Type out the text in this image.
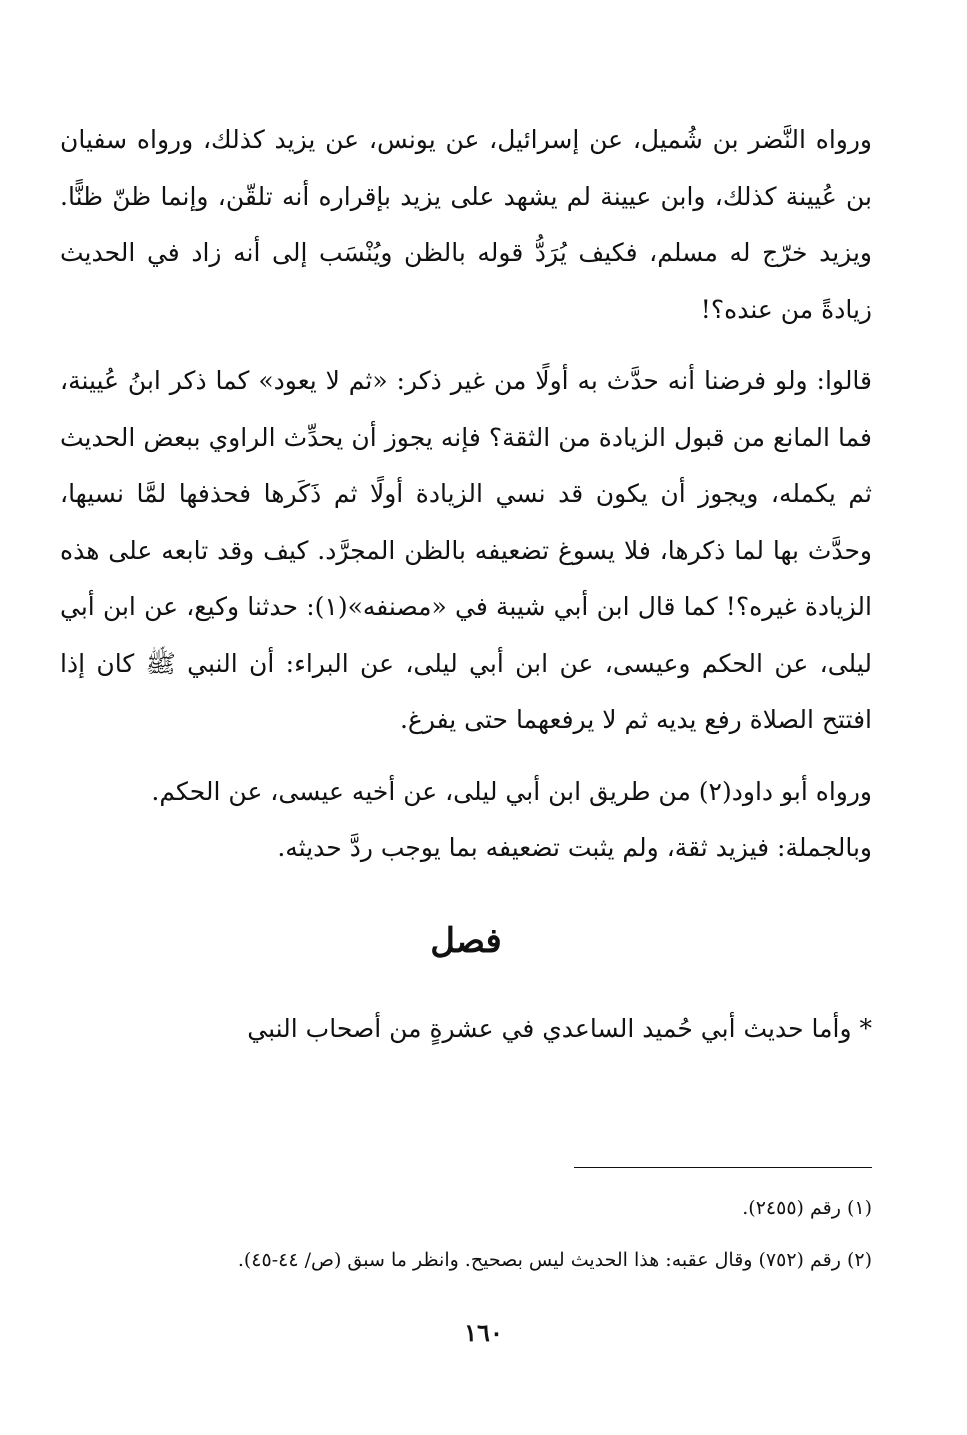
ورواه النَّضر بن شُميل، عن إسرائيل، عن يونس، عن يزيد كذلك، ورواه سفيان بن عُيينة كذلك، وابن عيينة لم يشهد على يزيد بإقراره أنه تلقّن، وإنما ظنّ ظنًّا. ويزيد خرّج له مسلم، فكيف يُرَدُّ قوله بالظن ويُنْسَب إلى أنه زاد في الحديث زيادةً من عنده؟!

قالوا: ولو فرضنا أنه حدَّث به أولًا من غير ذكر: «ثم لا يعود» كما ذكر ابنُ عُيينة، فما المانع من قبول الزيادة من الثقة؟ فإنه يجوز أن يحدِّث الراوي ببعض الحديث ثم يكمله، ويجوز أن يكون قد نسي الزيادة أولًا ثم ذَكَرها فحذفها لمَّا نسيها، وحدَّث بها لما ذكرها، فلا يسوغ تضعيفه بالظن المجرَّد. كيف وقد تابعه على هذه الزيادة غيره؟! كما قال ابن أبي شيبة في «مصنفه»(١): حدثنا وكيع، عن ابن أبي ليلى، عن الحكم وعيسى، عن ابن أبي ليلى، عن البراء: أن النبي ﷺ كان إذا افتتح الصلاة رفع يديه ثم لا يرفعهما حتى يفرغ.

ورواه أبو داود(٢) من طريق ابن أبي ليلى، عن أخيه عيسى، عن الحكم.

وبالجملة: فيزيد ثقة، ولم يثبت تضعيفه بما يوجب ردَّ حديثه.

فصل

* وأما حديث أبي حُميد الساعدي في عشرةٍ من أصحاب النبي

(١) رقم (٢٤٥٥).

(٢) رقم (٧٥٢) وقال عقبه: هذا الحديث ليس بصحيح. وانظر ما سبق (ص/ ٤٤-٤٥).

١٦٠
